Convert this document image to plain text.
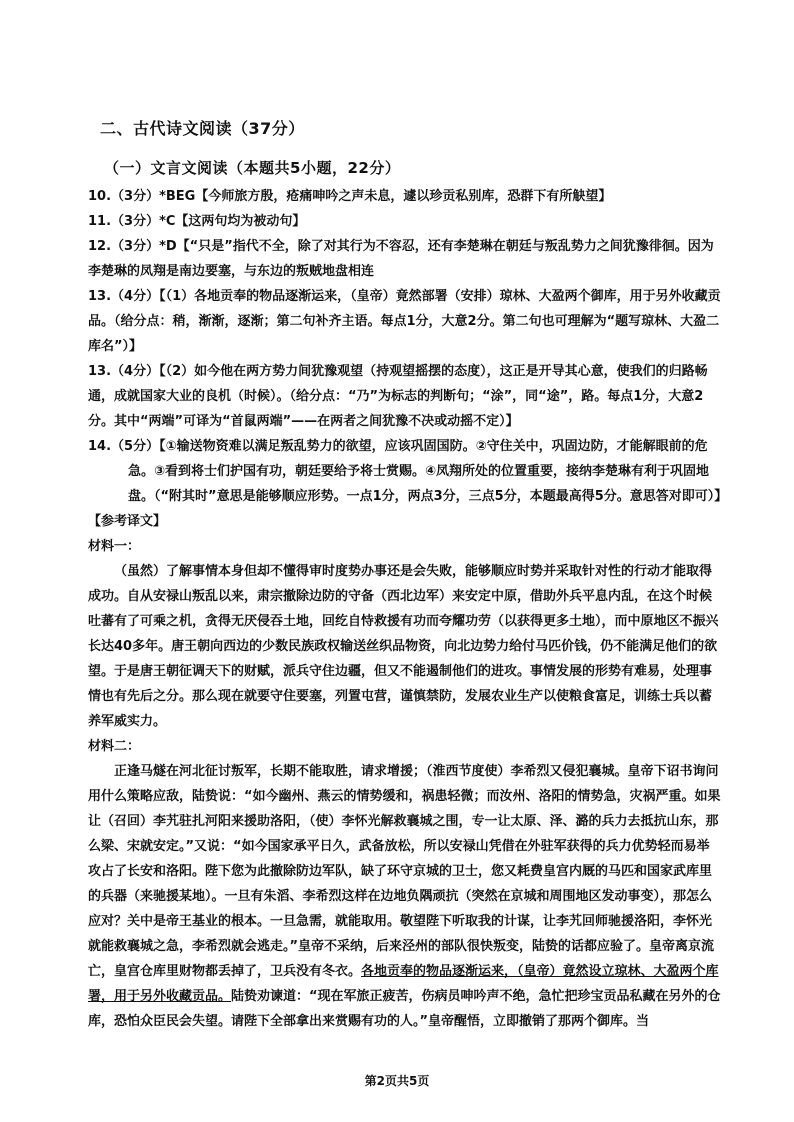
二、古代诗文阅读（37分）
（一）文言文阅读（本题共5小题，22分）

10.（3分）*BEG【今师旅方殷，疮痛呻吟之声未息，遽以珍贡私别库，恐群下有所觖望】

11.（3分）*C【这两句均为被动句】

12.（3分）*D【“只是”指代不全，除了对其行为不容忍，还有李楚琳在朝廷与叛乱势力之间犹豫徘徊。因为李楚琳的凤翔是南边要塞，与东边的叛贼地盘相连

13.（4分）【（1）各地贡奉的物品逐渐运来，（皇帝）竟然部署（安排）琼林、大盈两个御库，用于另外收藏贡品。（给分点：稍，渐渐，逐渐；第二句补齐主语。每点1分，大意2分。第二句也可理解为“题写琼林、大盈二库名”）】

13.（4分）【（2）如今他在两方势力间犹豫观望（持观望摇摆的态度），这正是开导其心意，使我们的归路畅通，成就国家大业的良机（时候）。（给分点：“乃”为标志的判断句；“涂”，同“途”，路。每点1分，大意2分。其中“两端”可译为“首鼠两端”——在两者之间犹豫不决或动摇不定）】

14.（5分）【①输送物资难以满足叛乱势力的欲望，应该巩固国防。②守住关中，巩固边防，才能解眼前的危急。③看到将士们护国有功，朝廷要给予将士赏赐。④凤翔所处的位置重要，接纳李楚琳有利于巩固地盘。（“附其时”意思是能够顺应形势。一点1分，两点3分，三点5分，本题最高得5分。意思答对即可）】

【参考译文】

材料一：

（虽然）了解事情本身但却不懂得审时度势办事还是会失败，能够顺应时势并采取针对性的行动才能取得成功。自从安禄山叛乱以来，肃宗撤除边防的守备（西北边军）来安定中原，借助外兵平息内乱，在这个时候吐蕃有了可乘之机，贪得无厌侵吞土地，回纥自恃救援有功而夸耀功劳（以获得更多土地），而中原地区不振兴长达40多年。唐王朝向西边的少数民族政权输送丝织品物资，向北边势力给付马匹价钱，仍不能满足他们的欲望。于是唐王朝征调天下的财赋，派兵守住边疆，但又不能遏制他们的进攻。事情发展的形势有难易，处理事情也有先后之分。那么现在就要守住要塞，列置屯营，谨慎禁防，发展农业生产以使粮食富足，训练士兵以蓄养军威实力。

材料二：

正逢马燧在河北征讨叛军，长期不能取胜，请求增援；（淮西节度使）李希烈又侵犯襄城。皇帝下诏书询问用什么策略应敌，陆贽说：“如今幽州、燕云的情势缓和，祸患轻微；而汝州、洛阳的情势急，灾祸严重。如果让（召回）李艽驻扎河阳来援助洛阳，（使）李怀光解救襄城之围，专一让太原、泽、潞的兵力去抵抗山东，那么梁、宋就安定。”又说：“如今国家承平日久，武备放松，所以安禄山凭借在外驻军获得的兵力优势轻而易举攻占了长安和洛阳。陛下您为此撤除防边军队，缺了环守京城的卫士，您又耗费皇宫内厩的马匹和国家武库里的兵器（来驰援某地）。一旦有朱滔、李希烈这样在边地负隅顽抗（突然在京城和周围地区发动事变），那怎么应对？关中是帝王基业的根本。一旦急需，就能取用。敬望陛下听取我的计谋，让李艽回师驰援洛阳，李怀光就能救襄城之急，李希烈就会逃走。”皇帝不采纳，后来泾州的部队很快叛变，陆贽的话都应验了。皇帝离京流亡，皇宫仓库里财物都丢掉了，卫兵没有冬衣。各地贡奉的物品逐渐运来，（皇帝）竟然设立琼林、大盈两个库署，用于另外收藏贡品。陆贽劝谏道：“现在军旅正疲苦，伤病员呻吟声不绝，急忙把珍宝贡品私藏在另外的仓库，恐怕众臣民会失望。请陛下全部拿出来赏赐有功的人。”皇帝醒悟，立即撤销了那两个御库。当

第2页共5页
